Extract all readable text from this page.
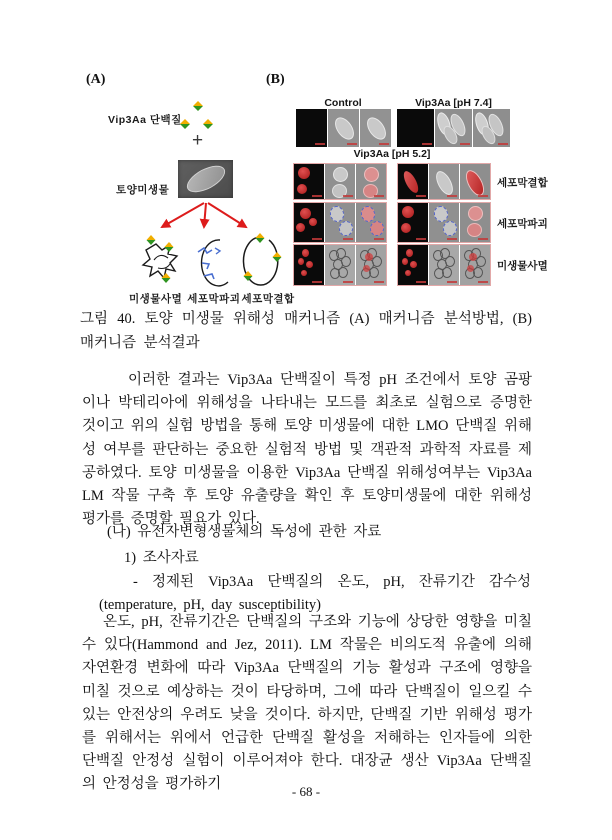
(A)
Vip3Aa 단백질
+
토양미생물
미생물사멸 세포막파괴 세포막결합
(B)
Control	Vip3Aa [pH 7.4]
세포막결합
세포막파괴
미생물사멸
Vip3Aa [pH 5.2]
그림 40. 토양 미생물 위해성 매커니즘 (A) 매커니즘 분석방법, (B) 매커니즘 분석결과
이러한 결과는 Vip3Aa 단백질이 특정 pH 조건에서 토양 곰팡이나 박테리아에 위해성을 나타내는 모드를 최초로 실험으로 증명한 것이고 위의 실험 방법을 통해 토양 미생물에 대한 LMO 단백질 위해성 여부를 판단하는 중요한 실험적 방법 및 객관적 과학적 자료를 제공하였다. 토양 미생물을 이용한 Vip3Aa 단백질 위해성여부는 Vip3Aa LM 작물 구축 후 토양 유출량을 확인 후 토양미생물에 대한 위해성평가를 증명할 필요가 있다.
(나) 유전자변형생물체의 독성에 관한 자료
1) 조사자료
- 정제된 Vip3Aa 단백질의 온도, pH, 잔류기간 감수성(temperature, pH, day susceptibility)
온도, pH, 잔류기간은 단백질의 구조와 기능에 상당한 영향을 미칠 수 있다(Hammond and Jez, 2011). LM 작물은 비의도적 유출에 의해 자연환경 변화에 따라 Vip3Aa 단백질의 기능 활성과 구조에 영향을 미칠 것으로 예상하는 것이 타당하며, 그에 따라 단백질이 일으킬 수 있는 안전상의 우려도 낮을 것이다. 하지만, 단백질 기반 위해성 평가를 위해서는 위에서 언급한 단백질 활성을 저해하는 인자들에 의한 단백질 안정성 실험이 이루어져야 한다. 대장균 생산 Vip3Aa 단백질의 안정성을 평가하기	- 68 -
